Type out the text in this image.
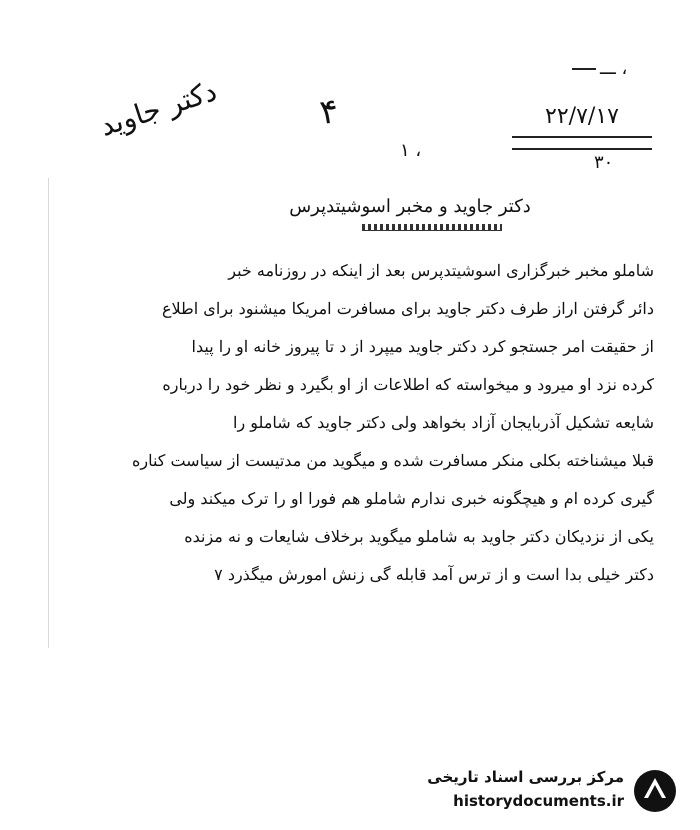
ـــ ،
دکتر جاوید	۴
۱ ،
۲۲/۷/۱۷
۳۰
دکتر جاوید و مخبر اسوشیتدپرس
شاملو مخبر خبرگزاری اسوشیتدپرس بعد از اینکه در روزنامه خبر
دائر گرفتن اراز طرف دکتر جاوید برای مسافرت امریکا میشنود برای اطلاع
از حقیقت امر جستجو کرد دکتر جاوید میپرد از د تا پیروز خانه او را پیدا
کرده نزد او میرود و میخواسته که اطلاعات از او بگیرد و نظر خود را درباره
شایعه تشکیل آذربایجان آزاد بخواهد ولی دکتر جاوید که شاملو را
قبلا میشناخته بکلی منکر مسافرت شده و میگوید من مدتیست از سیاست کناره
گیری کرده ام و هیچگونه خبری ندارم شاملو هم فورا او را ترک میکند ولی
یکی از نزدیکان دکتر جاوید به شاملو میگوید برخلاف شایعات و نه مزنده
دکتر خیلی بدا است و از ترس آمد قابله گی زنش امورش میگذرد ۷
مرکز بررسی اسناد تاریخی
historydocuments.ir
